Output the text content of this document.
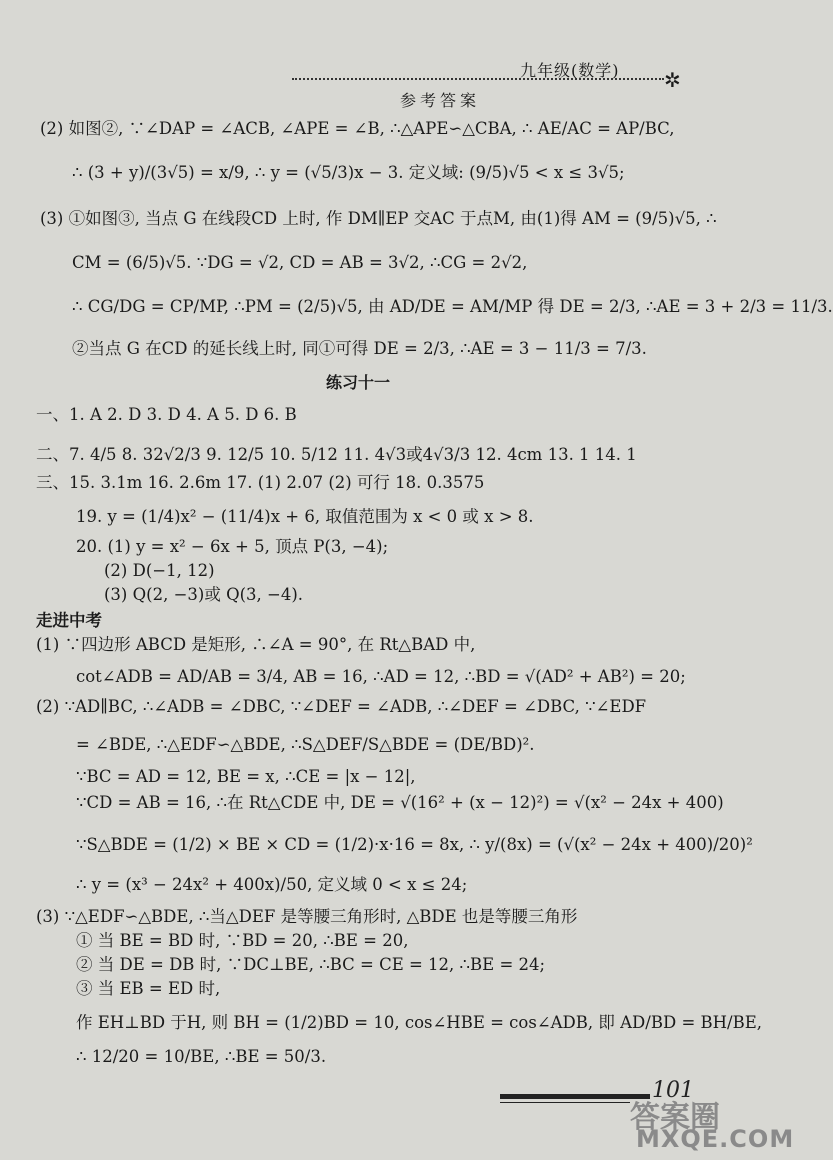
九年级(数学) ✲
参考答案
练习十一
(2) 如图②, ∵∠DAP = ∠ACB, ∠APE = ∠B, ∴△APE∽△CBA, ∴ AE/AC = AP/BC,
∴ (3 + y)/(3√5) = x/9, ∴ y = (√5/3)x − 3. 定义域: (9/5)√5 < x ≤ 3√5;
(3) ①如图③, 当点 G 在线段CD 上时, 作 DM∥EP 交AC 于点M, 由(1)得 AM = (9/5)√5, ∴
CM = (6/5)√5. ∵DG = √2, CD = AB = 3√2, ∴CG = 2√2,
∴ CG/DG = CP/MP, ∴PM = (2/5)√5, 由 AD/DE = AM/MP 得 DE = 2/3, ∴AE = 3 + 2/3 = 11/3.
②当点 G 在CD 的延长线上时, 同①可得 DE = 2/3, ∴AE = 3 − 11/3 = 7/3.
一、1. A 2. D 3. D 4. A 5. D 6. B
二、7. 4/5 8. 32√2/3 9. 12/5 10. 5/12 11. 4√3或4√3/3 12. 4cm 13. 1 14. 1
三、15. 3.1m 16. 2.6m 17. (1) 2.07 (2) 可行 18. 0.3575
19. y = (1/4)x² − (11/4)x + 6, 取值范围为 x < 0 或 x > 8.
20. (1) y = x² − 6x + 5, 顶点 P(3, −4);
(2) D(−1, 12)
(3) Q(2, −3)或 Q(3, −4).
走进中考
(1) ∵四边形 ABCD 是矩形, ∴∠A = 90°, 在 Rt△BAD 中,
cot∠ADB = AD/AB = 3/4, AB = 16, ∴AD = 12, ∴BD = √(AD² + AB²) = 20;
(2) ∵AD∥BC, ∴∠ADB = ∠DBC, ∵∠DEF = ∠ADB, ∴∠DEF = ∠DBC, ∵∠EDF
= ∠BDE, ∴△EDF∽△BDE, ∴S△DEF/S△BDE = (DE/BD)².
∵BC = AD = 12, BE = x, ∴CE = |x − 12|,
∵CD = AB = 16, ∴在 Rt△CDE 中, DE = √(16² + (x − 12)²) = √(x² − 24x + 400)
∵S△BDE = (1/2) × BE × CD = (1/2)·x·16 = 8x, ∴ y/(8x) = (√(x² − 24x + 400)/20)²
∴ y = (x³ − 24x² + 400x)/50, 定义域 0 < x ≤ 24;
(3) ∵△EDF∽△BDE, ∴当△DEF 是等腰三角形时, △BDE 也是等腰三角形
① 当 BE = BD 时, ∵BD = 20, ∴BE = 20,
② 当 DE = DB 时, ∵DC⊥BE, ∴BC = CE = 12, ∴BE = 24;
③ 当 EB = ED 时,
作 EH⊥BD 于H, 则 BH = (1/2)BD = 10, cos∠HBE = cos∠ADB, 即 AD/BD = BH/BE,
∴ 12/20 = 10/BE, ∴BE = 50/3.
101
答案圈
MXQE.COM
